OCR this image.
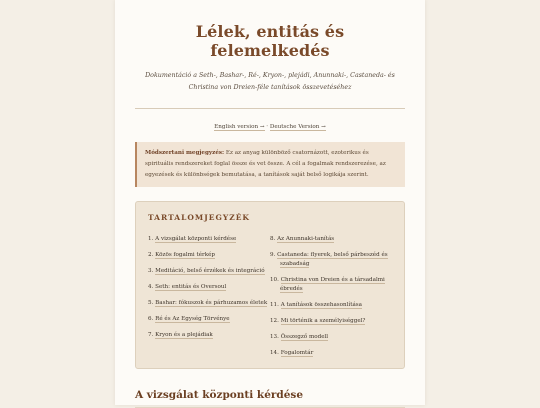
Lélek, entitás és felemelkedés
Dokumentáció a Seth-, Bashar-, Ré-, Kryon-, plejádi, Anunnaki-, Castaneda- és Christina von Dreien-féle tanítások összevetéséhez
English version → · Deutsche Version →
Módszertani megjegyzés: Ez az anyag különböző csatornázott, ezoterikus és spirituális rendszereket foglal össze és vet össze. A cél a fogalmak rendszerezése, az egyezések és különbségek bemutatása, a tanítások saját belső logikája szerint.
TARTALOMJEGYZÉK
1. A vizsgálat központi kérdése
2. Közös fogalmi térkép
3. Meditáció, belső érzékek és integráció
4. Seth: entitás és Oversoul
5. Bashar: fókuszok és párhuzamos életek
6. Ré és Az Egység Törvénye
7. Kryon és a plejádiak
8. Az Anunnaki-tanítás
9. Castaneda: flyerek, belső párbeszéd és szabadság
10. Christina von Dreien és a társadalmi ébredés
11. A tanítások összehasonlítása
12. Mi történik a személyiséggel?
13. Összegző modell
14. Fogalomtár
A vizsgálat központi kérdése
